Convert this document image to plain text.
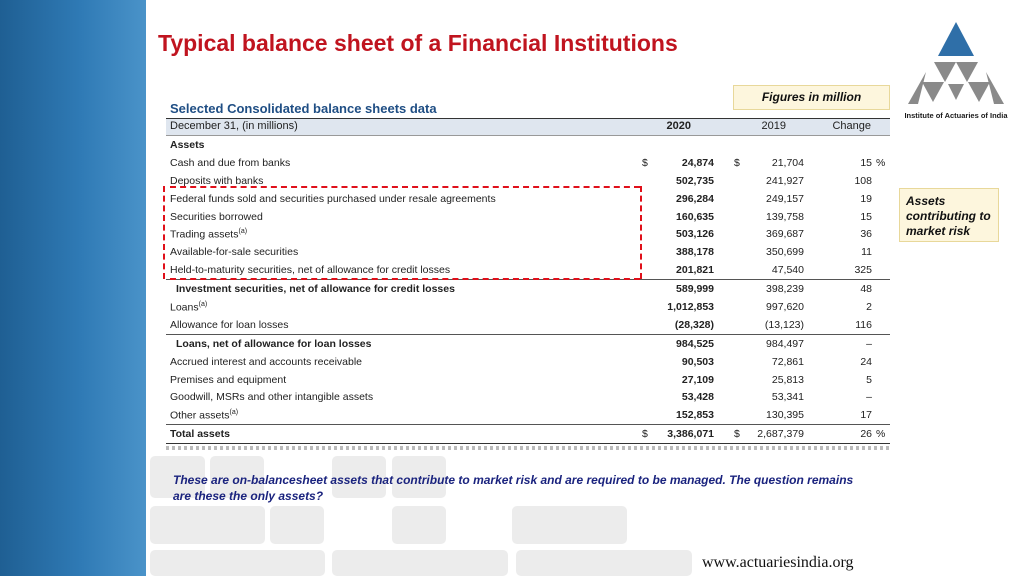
Typical balance sheet of a Financial Institutions
Institute of Actuaries of India
Figures in million
Assets contributing to market risk
Selected Consolidated balance sheets data
December 31, (in millions)	2020	2019	Change
Assets
Cash and due from banks	$	24,874 $	21,704	15 %
Deposits with banks	502,735	241,927	108
Federal funds sold and securities purchased under resale agreements	296,284	249,157	19
Securities borrowed	160,635	139,758	15
Trading assets$^{(a)}$	503,126	369,687	36
Available-for-sale securities	388,178	350,699	11
Held-to-maturity securities, net of allowance for credit losses	201,821	47,540	325
Investment securities, net of allowance for credit losses	589,999	398,239	48
Loans$^{(a)}$	1,012,853	997,620	2
Allowance for loan losses	(28,328)	(13,123)	116
Loans, net of allowance for loan losses	984,525	984,497	–
Accrued interest and accounts receivable	90,503	72,861	24
Premises and equipment	27,109	25,813	5
Goodwill, MSRs and other intangible assets	53,428	53,341	–
Other assets$^{(a)}$	152,853	130,395	17
Total assets	$	3,386,071 $	2,687,379	26 %

These are on-balancesheet assets that contribute to market risk and are required to be managed. The question remains are these the only assets?

www.actuariesindia.org
